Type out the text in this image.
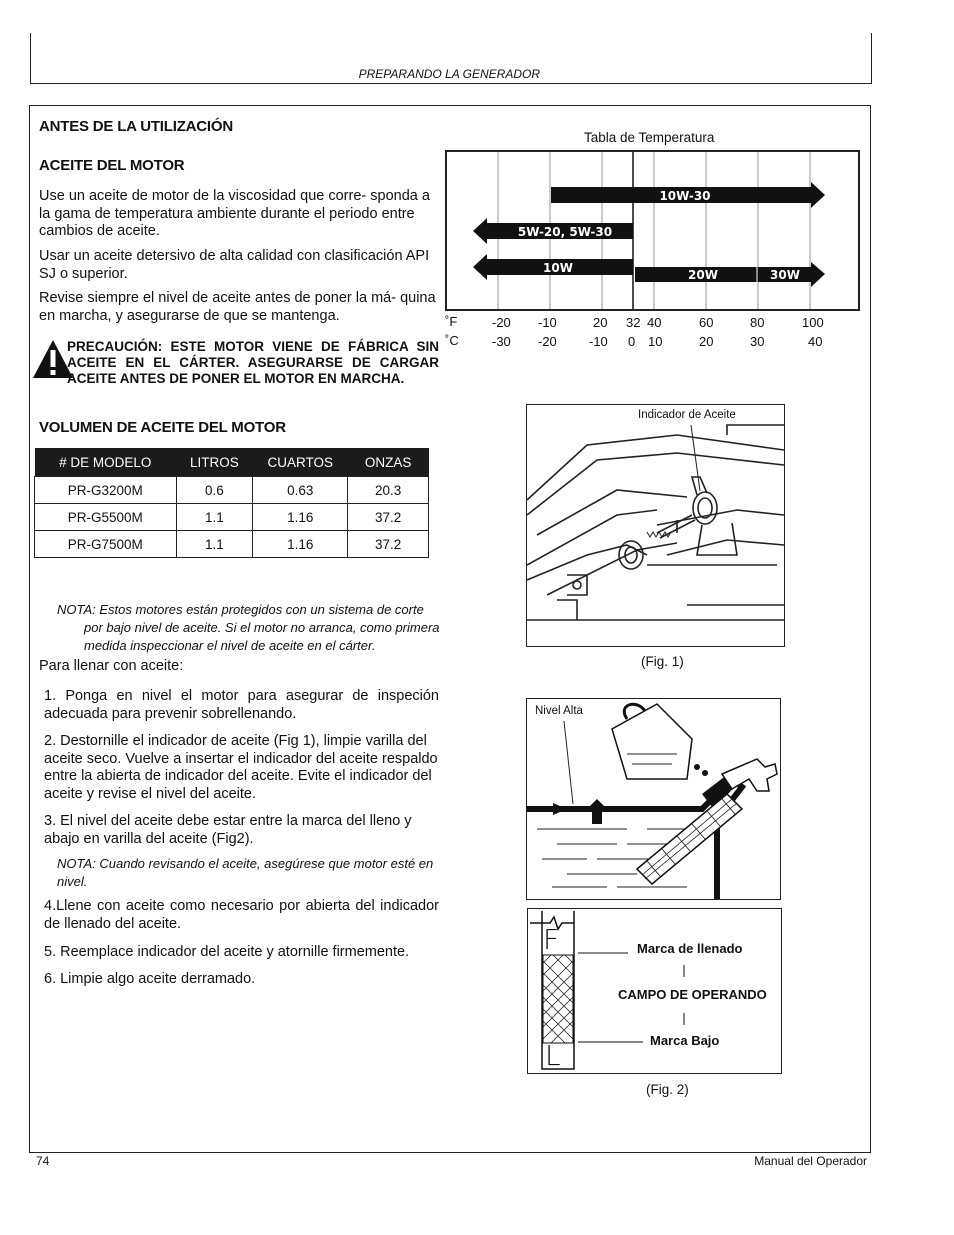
PREPARANDO LA GENERADOR
ANTES DE LA UTILIZACIÓN
ACEITE DEL MOTOR
Use un aceite de motor de la viscosidad que corre- sponda a la gama de temperatura ambiente durante el periodo entre cambios de aceite.
Usar un aceite detersivo de alta calidad con clasificación API SJ o superior.
Revise siempre el nivel de aceite antes de poner la má- quina en marcha, y asegurarse de que se mantenga.
PRECAUCIÓN: ESTE MOTOR VIENE DE FÁBRICA SIN ACEITE EN EL CÁRTER. ASEGURARSE DE CARGAR ACEITE ANTES DE PONER EL MOTOR EN MARCHA.
VOLUMEN DE ACEITE DEL MOTOR
# DE MODELO	LITROS	CUARTOS	ONZAS
PR-G3200M	0.6	0.63	20.3
PR-G5500M	1.1	1.16	37.2
PR-G7500M	1.1	1.16	37.2
NOTA: Estos motores están protegidos con un sistema de corte
por bajo nivel de aceite. Si el motor no arranca, como primera
medida inspeccionar el nivel de aceite en el cárter.
Para llenar con aceite:
1. Ponga en nivel el motor para asegurar de inspeción adecuada para prevenir sobrellenando.
2. Destornille el indicador de aceite (Fig 1), limpie varilla del aceite seco. Vuelve a insertar el indicador del aceite respaldo entre la abierta de indicador del aceite. Evite el indicador del aceite y revise el nivel del aceite.
3. El nivel del aceite debe estar entre la marca del lleno y abajo en varilla del aceite (Fig2).
NOTA: Cuando revisando el aceite, asegúrese que motor esté en nivel.
4.Llene con aceite como necesario por abierta del indicador de llenado del aceite.
5. Reemplace indicador del aceite y atornille firmemente.
6. Limpie algo aceite derramado.
Tabla de Temperatura
10W-30
5W-20, 5W-30
10W	20W	30W
˚F
˚C
-20 -10	20 32 40	60	80	100
-30 -20 -10 0 10	20	30	40
Indicador de Aceite
(Fig. 1)
Nivel Alta
F
L
Marca de llenado
CAMPO DE OPERANDO
Marca Bajo
(Fig. 2)
74	Manual del Operador
